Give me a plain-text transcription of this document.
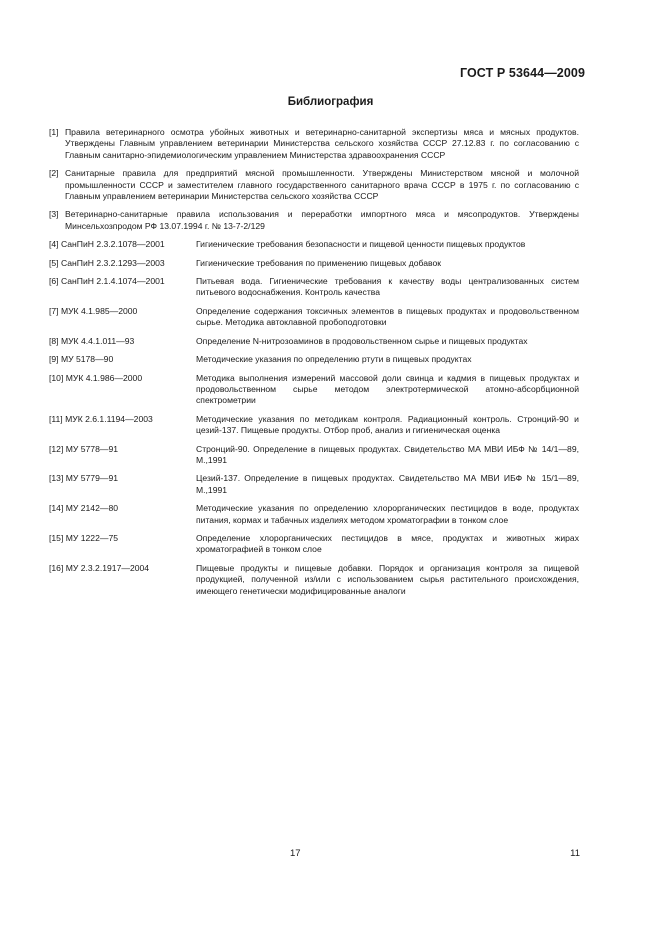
ГОСТ Р 53644—2009
Библиография
[1] Правила ветеринарного осмотра убойных животных и ветеринарно-санитарной экспертизы мяса и мясных продуктов. Утверждены Главным управлением ветеринарии Министерства сельского хозяйства СССР 27.12.83 г. по согласованию с Главным санитарно-эпидемиологическим управлением Министерства здравоохранения СССР
[2] Санитарные правила для предприятий мясной промышленности. Утверждены Министерством мясной и молочной промышленности СССР и заместителем главного государственного санитарного врача СССР в 1975 г. по согласованию с Главным управлением ветеринарии Министерства сельского хозяйства СССР
[3] Ветеринарно-санитарные правила использования и переработки импортного мяса и мясопродуктов. Утверждены Минсельхозпродом РФ 13.07.1994 г. № 13-7-2/129
[4] СанПиН 2.3.2.1078—2001	Гигиенические требования безопасности и пищевой ценности пищевых продуктов
[5] СанПиН 2.3.2.1293—2003	Гигиенические требования по применению пищевых добавок
[6] СанПиН 2.1.4.1074—2001	Питьевая вода. Гигиенические требования к качеству воды централизованных систем питьевого водоснабжения. Контроль качества
[7] МУК 4.1.985—2000	Определение содержания токсичных элементов в пищевых продуктах и продовольственном сырье. Методика автоклавной пробоподготовки
[8] МУК 4.4.1.011—93	Определение N-нитрозоаминов в продовольственном сырье и пищевых продуктах
[9] МУ 5178—90	Методические указания по определению ртути в пищевых продуктах
[10] МУК 4.1.986—2000	Методика выполнения измерений массовой доли свинца и кадмия в пищевых продуктах и продовольственном сырье методом электротермической атомно-абсорбционной спектрометрии
[11] МУК 2.6.1.1194—2003	Методические указания по методикам контроля. Радиационный контроль. Стронций-90 и цезий-137. Пищевые продукты. Отбор проб, анализ и гигиеническая оценка
[12] МУ 5778—91	Стронций-90. Определение в пищевых продуктах. Свидетельство МА МВИ ИБФ № 14/1—89, М.,1991
[13] МУ 5779—91	Цезий-137. Определение в пищевых продуктах. Свидетельство МА МВИ ИБФ № 15/1—89, М.,1991
[14] МУ 2142—80	Методические указания по определению хлорорганических пестицидов в воде, продуктах питания, кормах и табачных изделиях методом хроматографии в тонком слое
[15] МУ 1222—75	Определение хлорорганических пестицидов в мясе, продуктах и животных жирах хроматографией в тонком слое
[16] МУ 2.3.2.1917—2004	Пищевые продукты и пищевые добавки. Порядок и организация контроля за пищевой продукцией, полученной из/или с использованием сырья растительного происхождения, имеющего генетически модифицированные аналоги
17	11
